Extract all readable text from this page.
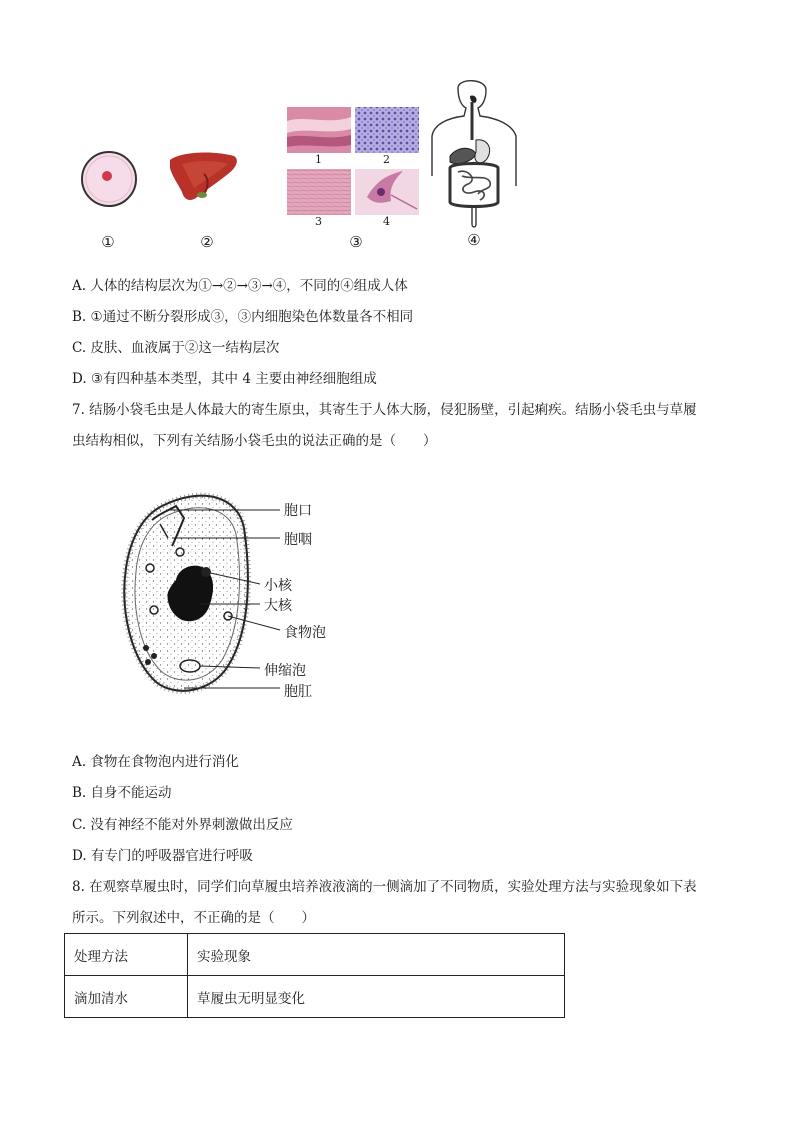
1	2
3	4
①	②	③	④
A. 人体的结构层次为①→②→③→④，不同的④组成人体
B. ①通过不断分裂形成③，③内细胞染色体数量各不相同
C. 皮肤、血液属于②这一结构层次
D. ③有四种基本类型，其中 4 主要由神经细胞组成
7. 结肠小袋毛虫是人体最大的寄生原虫，其寄生于人体大肠，侵犯肠壁，引起痢疾。结肠小袋毛虫与草履
虫结构相似，下列有关结肠小袋毛虫的说法正确的是（　　）
胞口
胞咽
小核
大核
食物泡
伸缩泡
胞肛
A. 食物在食物泡内进行消化
B. 自身不能运动
C. 没有神经不能对外界刺激做出反应
D. 有专门的呼吸器官进行呼吸
8. 在观察草履虫时，同学们向草履虫培养液液滴的一侧滴加了不同物质，实验处理方法与实验现象如下表
所示。下列叙述中，不正确的是（　　）
处理方法	实验现象
滴加清水	草履虫无明显变化
